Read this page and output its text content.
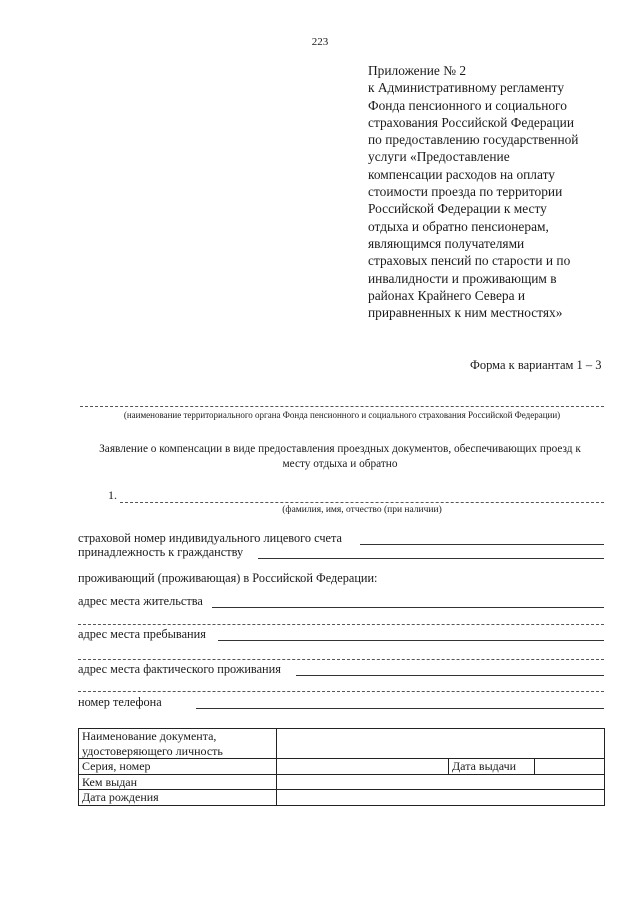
223
Приложение № 2
к Административному регламенту
Фонда пенсионного и социального
страхования Российской Федерации
по предоставлению государственной
услуги «Предоставление
компенсации расходов на оплату
стоимости проезда по территории
Российской Федерации к месту
отдыха и обратно пенсионерам,
являющимся получателями
страховых пенсий по старости и по
инвалидности и проживающим в
районах Крайнего Севера и
приравненных к ним местностях»
Форма к вариантам 1 – 3
(наименование территориального органа Фонда пенсионного и социального страхования Российской Федерации)
Заявление о компенсации в виде предоставления проездных документов, обеспечивающих проезд к
месту отдыха и обратно
1.
(фамилия, имя, отчество (при наличии)
страховой номер индивидуального лицевого счета
принадлежность к гражданству
проживающий (проживающая) в Российской Федерации:
адрес места жительства
адрес места пребывания
адрес места фактического проживания
номер телефона
Наименование документа, удостоверяющего личность			
Серия, номер		Дата выдачи	
Кем выдан			
Дата рождения			
